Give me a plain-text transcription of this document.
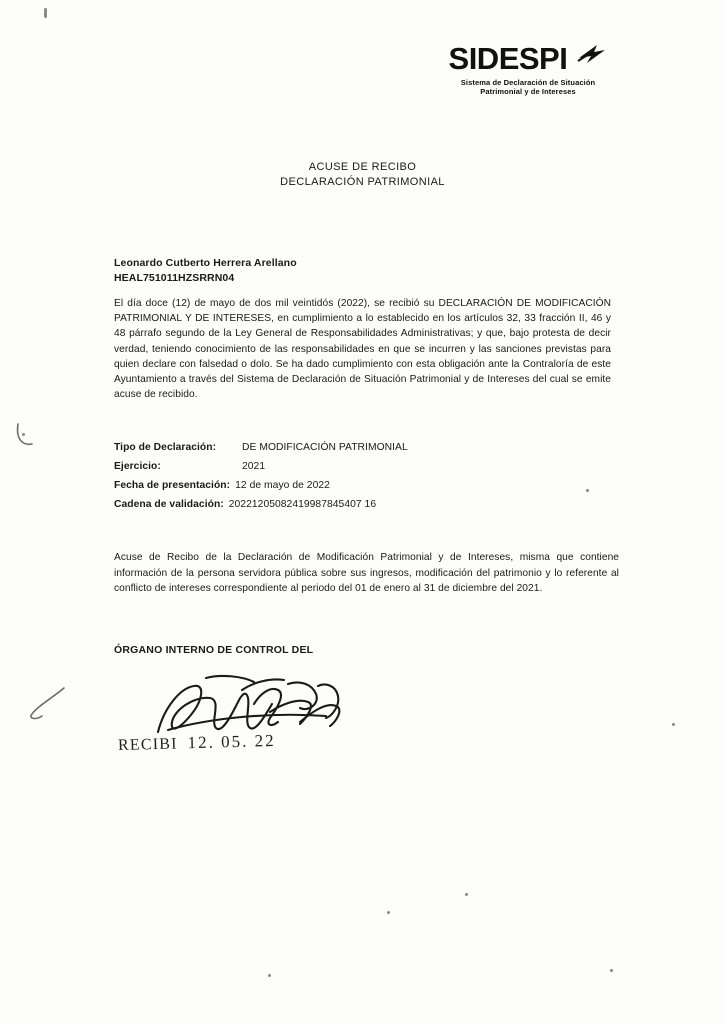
SIDESPI
Sistema de Declaración de Situación
Patrimonial y de Intereses
ACUSE DE RECIBO
DECLARACIÓN PATRIMONIAL
Leonardo Cutberto Herrera Arellano
HEAL751011HZSRRN04
El día doce (12) de mayo de dos mil veintidós (2022), se recibió su DECLARACIÓN DE MODIFICACIÓN PATRIMONIAL Y DE INTERESES, en cumplimiento a lo establecido en los artículos 32, 33 fracción II, 46 y 48 párrafo segundo de la Ley General de Responsabilidades Administrativas; y que, bajo protesta de decir verdad, teniendo conocimiento de las responsabilidades en que se incurren y las sanciones previstas para quien declare con falsedad o dolo. Se ha dado cumplimiento con esta obligación ante la Contraloría de este Ayuntamiento a través del Sistema de Declaración de Situación Patrimonial y de Intereses del cual se emite acuse de recibido.
Tipo de Declaración:	DE MODIFICACIÓN PATRIMONIAL
Ejercicio:	2021
Fecha de presentación: 12 de mayo de 2022
Cadena de validación: 20221205082419987845407 16
Acuse de Recibo de la Declaración de Modificación Patrimonial y de Intereses, misma que contiene información de la persona servidora pública sobre sus ingresos, modificación del patrimonio y lo referente al conflicto de intereses correspondiente al periodo del 01 de enero al 31 de diciembre del 2021.
ÓRGANO INTERNO DE CONTROL DEL
RECIBI 12. 05. 22
